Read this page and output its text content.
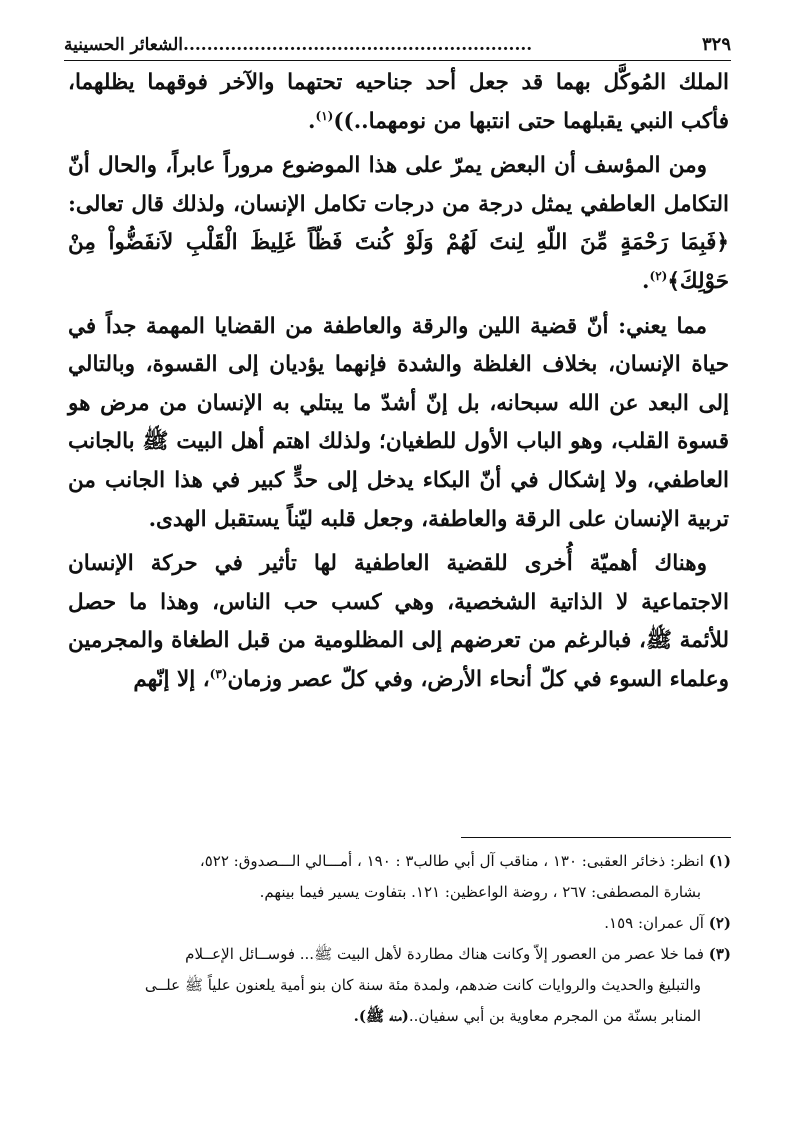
٣٢٩
...........................................................الشعائر الحسينية

الملك المُوكَّل بهما قد جعل أحد جناحيه تحتهما والآخر فوقهما يظلهما، فأكب النبي يقبلهما حتى انتبها من نومهما..))$^{(١)}$.

ومن المؤسف أن البعض يمرّ على هذا الموضوع مروراً عابراً، والحال أنّ التكامل العاطفي يمثل درجة من درجات تكامل الإنسان، ولذلك قال تعالى:﴿فَبِمَا رَحْمَةٍ مِّنَ اللّهِ لِنتَ لَهُمْ وَلَوْ كُنتَ فَظّاً غَلِيظَ الْقَلْبِ لاَنفَضُّواْ مِنْ حَوْلِكَ﴾$^{(٢)}$.

مما يعني: أنّ قضية اللين والرقة والعاطفة من القضايا المهمة جداً في حياة الإنسان، بخلاف الغلظة والشدة فإنهما يؤديان إلى القسوة، وبالتالي إلى البعد عن الله سبحانه، بل إنّ أشدّ ما يبتلي به الإنسان من مرض هو قسوة القلب، وهو الباب الأول للطغيان؛ ولذلك اهتم أهل البيت ﷺ بالجانب العاطفي، ولا إشكال في أنّ البكاء يدخل إلى حدٍّ كبير في هذا الجانب من تربية الإنسان على الرقة والعاطفة، وجعل قلبه ليّناً يستقبل الهدى.

وهناك أهميّة أُخرى للقضية العاطفية لها تأثير في حركة الإنسان الاجتماعية لا الذاتية الشخصية، وهي كسب حب الناس، وهذا ما حصل للأئمة ﷺ، فبالرغم من تعرضهم إلى المظلومية من قبل الطغاة والمجرمين وعلماء السوء في كلّ أنحاء الأرض، وفي كلّ عصر وزمان$^{(٣)}$، إلا إنّهم

(١) انظر: ذخائر العقبى: ١٣٠ ، مناقب آل أبي طالب٣ : ١٩٠ ، أمـــالي الـــصدوق: ٥٢٢،
بشارة المصطفى: ٢٦٧ ، روضة الواعظين: ١٢١. بتفاوت يسير فيما بينهم.

(٢) آل عمران: ١٥٩.

(٣) فما خلا عصر من العصور إلاّ وكانت هناك مطاردة لأهل البيت ﷺ... فوســائل الإعــلام
والتبليغ والحديث والروايات كانت ضدهم، ولمدة مئة سنة كان بنو أمية يلعنون علياً ﷺ علــى
المنابر بسنّة من المجرم معاوية بن أبي سفيان..(منه ﷺ).
